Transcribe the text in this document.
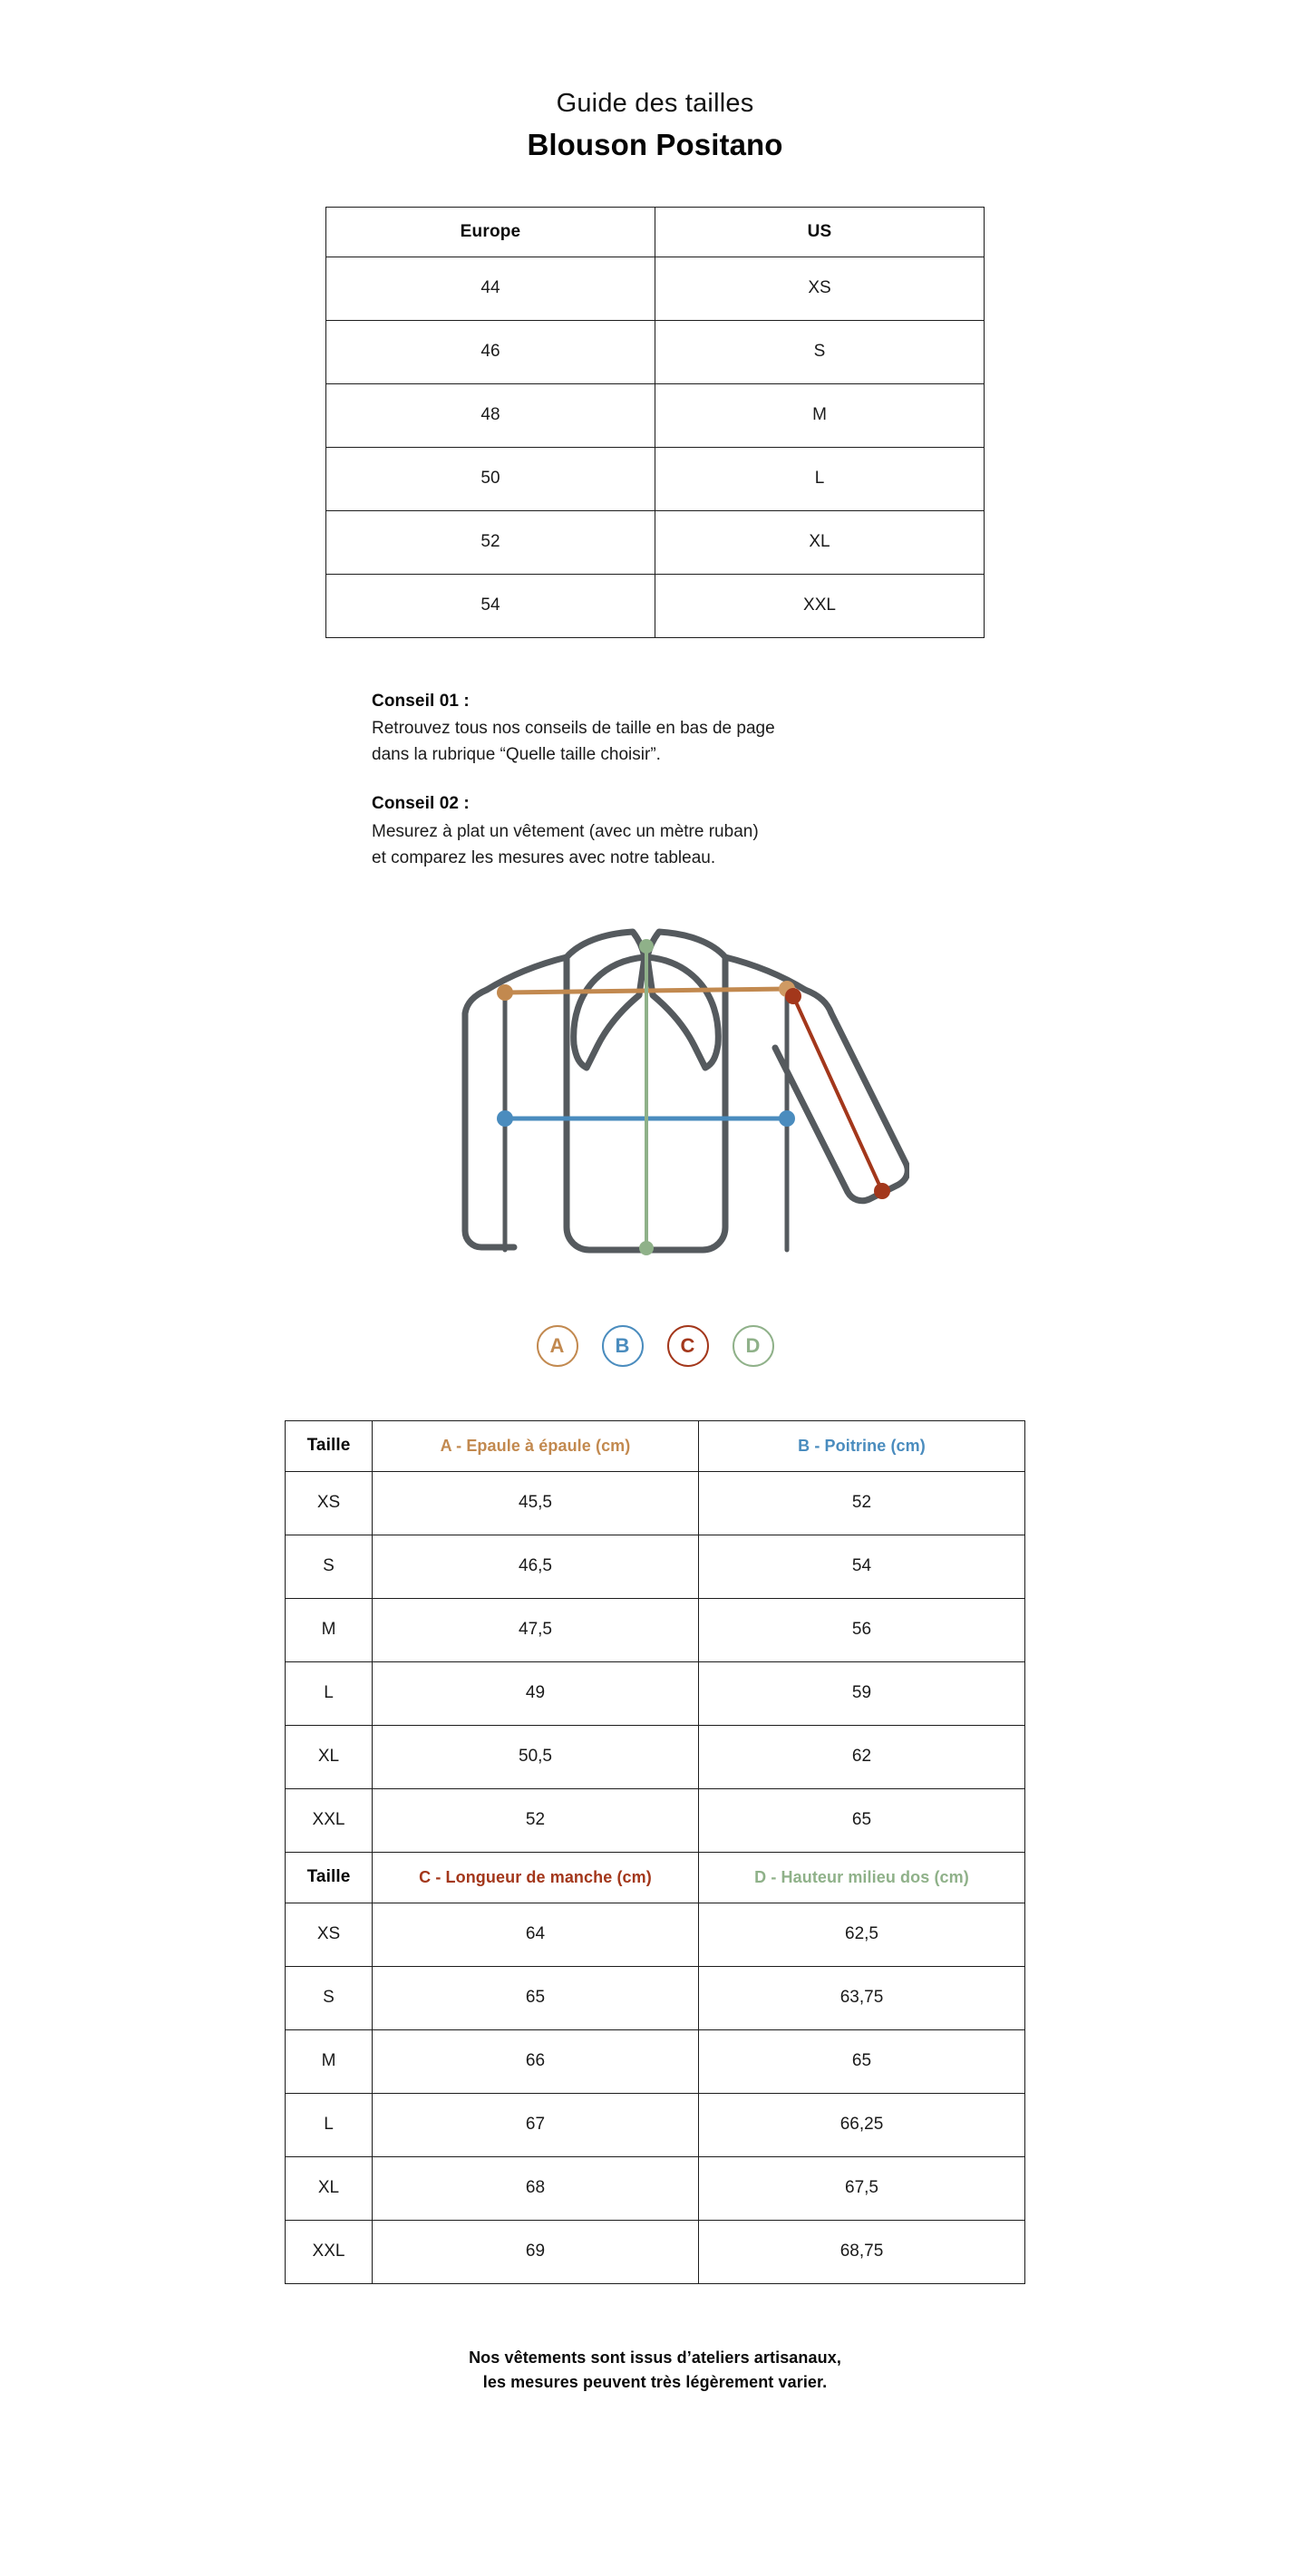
Guide des tailles
Blouson Positano
Europe	US
44	XS
46	S
48	M
50	L
52	XL
54	XXL
Conseil 01 :
Retrouvez tous nos conseils de taille en bas de page
dans la rubrique “Quelle taille choisir”.
Conseil 02 :
Mesurez à plat un vêtement (avec un mètre ruban)
et comparez les mesures avec notre tableau.
A	B	C	D
Taille	A - Epaule à épaule (cm)	B - Poitrine (cm)
XS	45,5	52
S	46,5	54
M	47,5	56
L	49	59
XL	50,5	62
XXL	52	65
Taille	C - Longueur de manche (cm)	D - Hauteur milieu dos (cm)
XS	64	62,5
S	65	63,75
M	66	65
L	67	66,25
XL	68	67,5
XXL	69	68,75
Nos vêtements sont issus d’ateliers artisanaux,
les mesures peuvent très légèrement varier.
